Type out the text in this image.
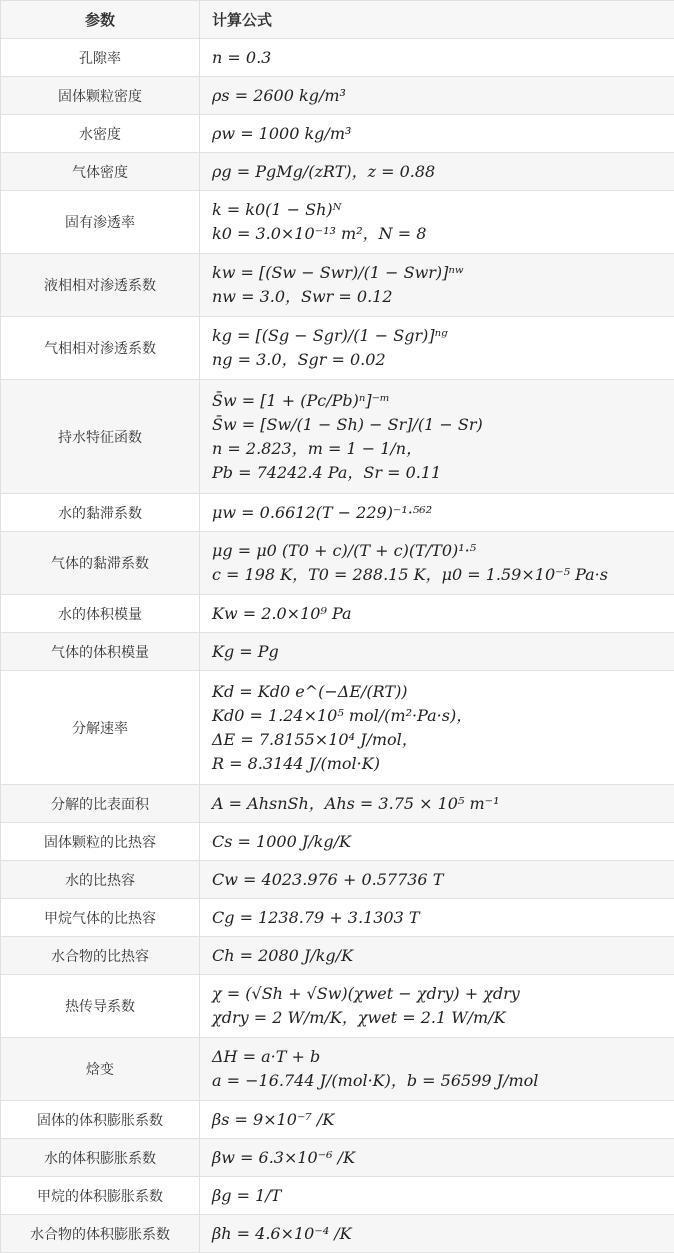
参数	计算公式
孔隙率	n = 0.3

固体颗粒密度	ρs = 2600 kg/m³

水密度	ρw = 1000 kg/m³

气体密度	ρg = PgMg/(zRT)，z = 0.88

固有渗透率	k = k0(1 − Sh)ᴺ
k0 = 3.0×10⁻¹³ m²，N = 8

液相相对渗透系数	kw = [(Sw − Swr)/(1 − Swr)]ⁿʷ
nw = 3.0，Swr = 0.12

气相相对渗透系数	kg = [(Sg − Sgr)/(1 − Sgr)]ⁿᵍ
ng = 3.0，Sgr = 0.02

持水特征函数	S̄w = [1 + (Pc/Pb)ⁿ]⁻ᵐ
S̄w = [Sw/(1 − Sh) − Sr]/(1 − Sr)
n = 2.823，m = 1 − 1/n，
Pb = 74242.4 Pa，Sr = 0.11

水的黏滞系数	μw = 0.6612(T − 229)⁻¹·⁵⁶²

气体的黏滞系数	μg = μ0 (T0 + c)/(T + c)(T/T0)¹·⁵
c = 198 K，T0 = 288.15 K，μ0 = 1.59×10⁻⁵ Pa·s

水的体积模量	Kw = 2.0×10⁹ Pa

气体的体积模量	Kg = Pg

分解速率	Kd = Kd0 e^(−ΔE/(RT))
Kd0 = 1.24×10⁵ mol/(m²·Pa·s)，
ΔE = 7.8155×10⁴ J/mol，
R = 8.3144 J/(mol·K)

分解的比表面积	A = AhsnSh，Ahs = 3.75 × 10⁵ m⁻¹

固体颗粒的比热容	Cs = 1000 J/kg/K

水的比热容	Cw = 4023.976 + 0.57736 T

甲烷气体的比热容	Cg = 1238.79 + 3.1303 T

水合物的比热容	Ch = 2080 J/kg/K

热传导系数	χ = (√Sh + √Sw)(χwet − χdry) + χdry
χdry = 2 W/m/K，χwet = 2.1 W/m/K

焓变	ΔH = a·T + b
a = −16.744 J/(mol·K)，b = 56599 J/mol

固体的体积膨胀系数	βs = 9×10⁻⁷ /K

水的体积膨胀系数	βw = 6.3×10⁻⁶ /K

甲烷的体积膨胀系数	βg = 1/T

水合物的体积膨胀系数	βh = 4.6×10⁻⁴ /K
